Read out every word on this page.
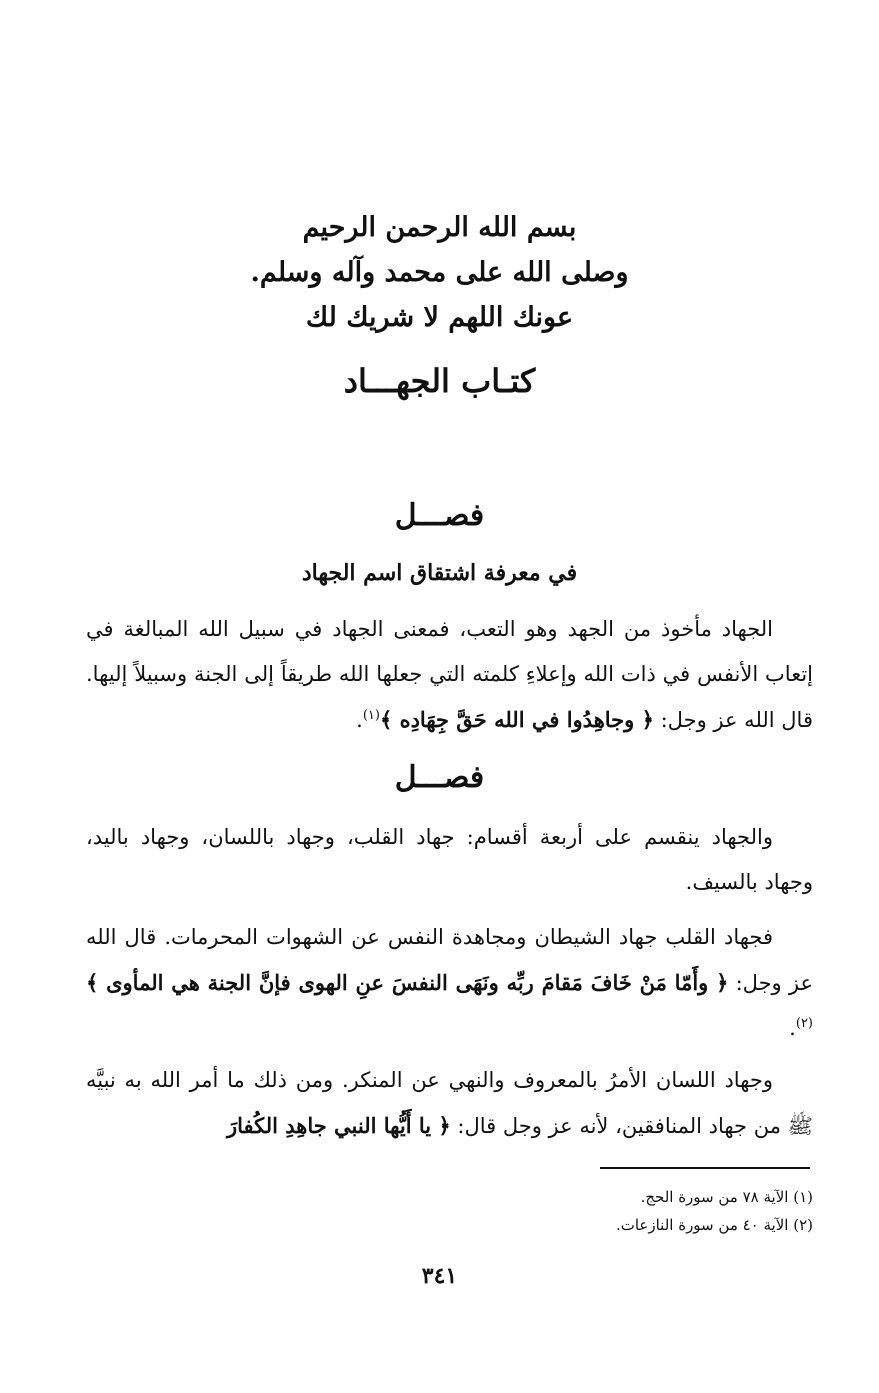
بسم الله الرحمن الرحيم
وصلى الله على محمد وآله وسلم.
عونك اللهم لا شريك لك
كتـاب الجهـــاد
فصـــل
في معرفة اشتقاق اسم الجهاد

الجهاد مأخوذ من الجهد وهو التعب، فمعنى الجهاد في سبيل الله المبالغة في إتعاب الأنفس في ذات الله وإعلاءِ كلمته التي جعلها الله طريقاً إلى الجنة وسبيلاً إليها. قال الله عز وجل: ﴿ وجاهِدُوا في الله حَقَّ جِهَادِه ﴾$^{(١)}$.

فصـــل

والجهاد ينقسم على أربعة أقسام: جهاد القلب، وجهاد باللسان، وجهاد باليد، وجهاد بالسيف.

فجهاد القلب جهاد الشيطان ومجاهدة النفس عن الشهوات المحرمات. قال الله عز وجل: ﴿ وأَمّا مَنْ خَافَ مَقامَ ربِّه ونَهَى النفسَ عنِ الهوى فإنَّ الجنة هي المأوى ﴾$^{(٢)}$.

وجهاد اللسان الأمرُ بالمعروف والنهي عن المنكر. ومن ذلك ما أمر الله به نبيَّه ﷺ من جهاد المنافقين، لأنه عز وجل قال: ﴿ يا أَيُّها النبي جاهِدِ الكُفارَ

(١) الآية ٧٨ من سورة الحج.
(٢) الآية ٤٠ من سورة النازعات.
٣٤١
